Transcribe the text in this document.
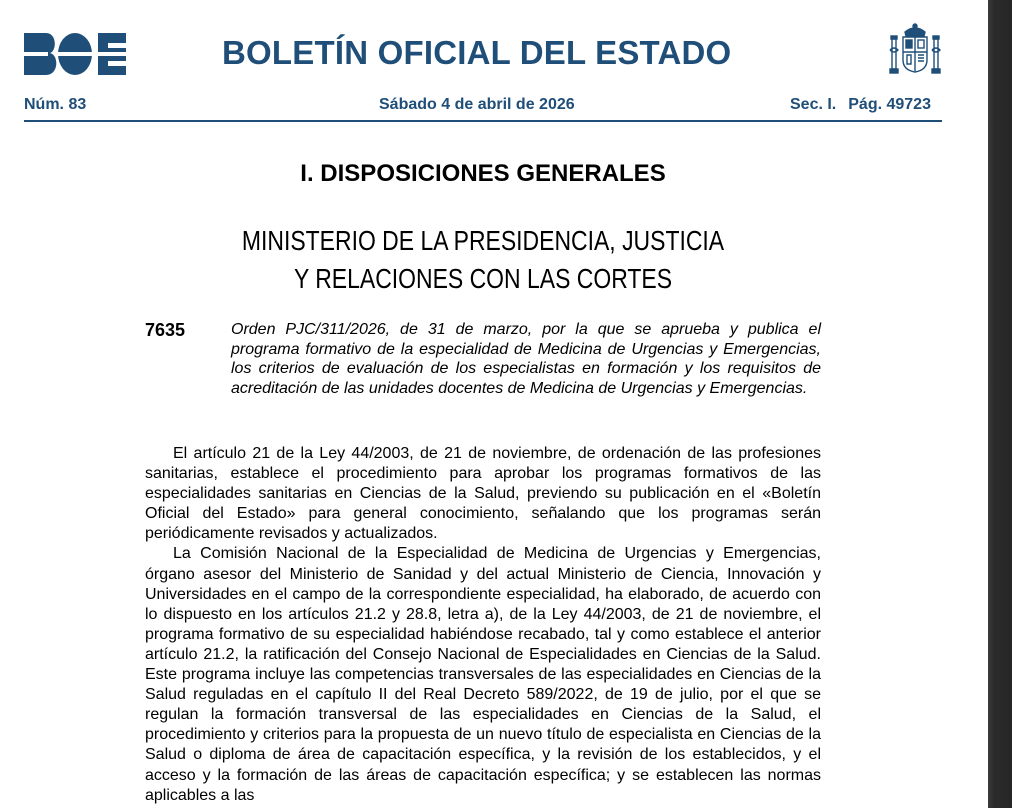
BOLETÍN OFICIAL DEL ESTADO
Núm. 83	Sábado 4 de abril de 2026	Sec. I. Pág. 49723
I. DISPOSICIONES GENERALES
MINISTERIO DE LA PRESIDENCIA, JUSTICIA
Y RELACIONES CON LAS CORTES
7635	Orden PJC/311/2026, de 31 de marzo, por la que se aprueba y publica el programa formativo de la especialidad de Medicina de Urgencias y Emergencias, los criterios de evaluación de los especialistas en formación y los requisitos de acreditación de las unidades docentes de Medicina de Urgencias y Emergencias.

El artículo 21 de la Ley 44/2003, de 21 de noviembre, de ordenación de las profesiones sanitarias, establece el procedimiento para aprobar los programas formativos de las especialidades sanitarias en Ciencias de la Salud, previendo su publicación en el «Boletín Oficial del Estado» para general conocimiento, señalando que los programas serán periódicamente revisados y actualizados.

La Comisión Nacional de la Especialidad de Medicina de Urgencias y Emergencias, órgano asesor del Ministerio de Sanidad y del actual Ministerio de Ciencia, Innovación y Universidades en el campo de la correspondiente especialidad, ha elaborado, de acuerdo con lo dispuesto en los artículos 21.2 y 28.8, letra a), de la Ley 44/2003, de 21 de noviembre, el programa formativo de su especialidad habiéndose recabado, tal y como establece el anterior artículo 21.2, la ratificación del Consejo Nacional de Especialidades en Ciencias de la Salud. Este programa incluye las competencias transversales de las especialidades en Ciencias de la Salud reguladas en el capítulo II del Real Decreto 589/2022, de 19 de julio, por el que se regulan la formación transversal de las especialidades en Ciencias de la Salud, el procedimiento y criterios para la propuesta de un nuevo título de especialista en Ciencias de la Salud o diploma de área de capacitación específica, y la revisión de los establecidos, y el acceso y la formación de las áreas de capacitación específica; y se establecen las normas aplicables a las
